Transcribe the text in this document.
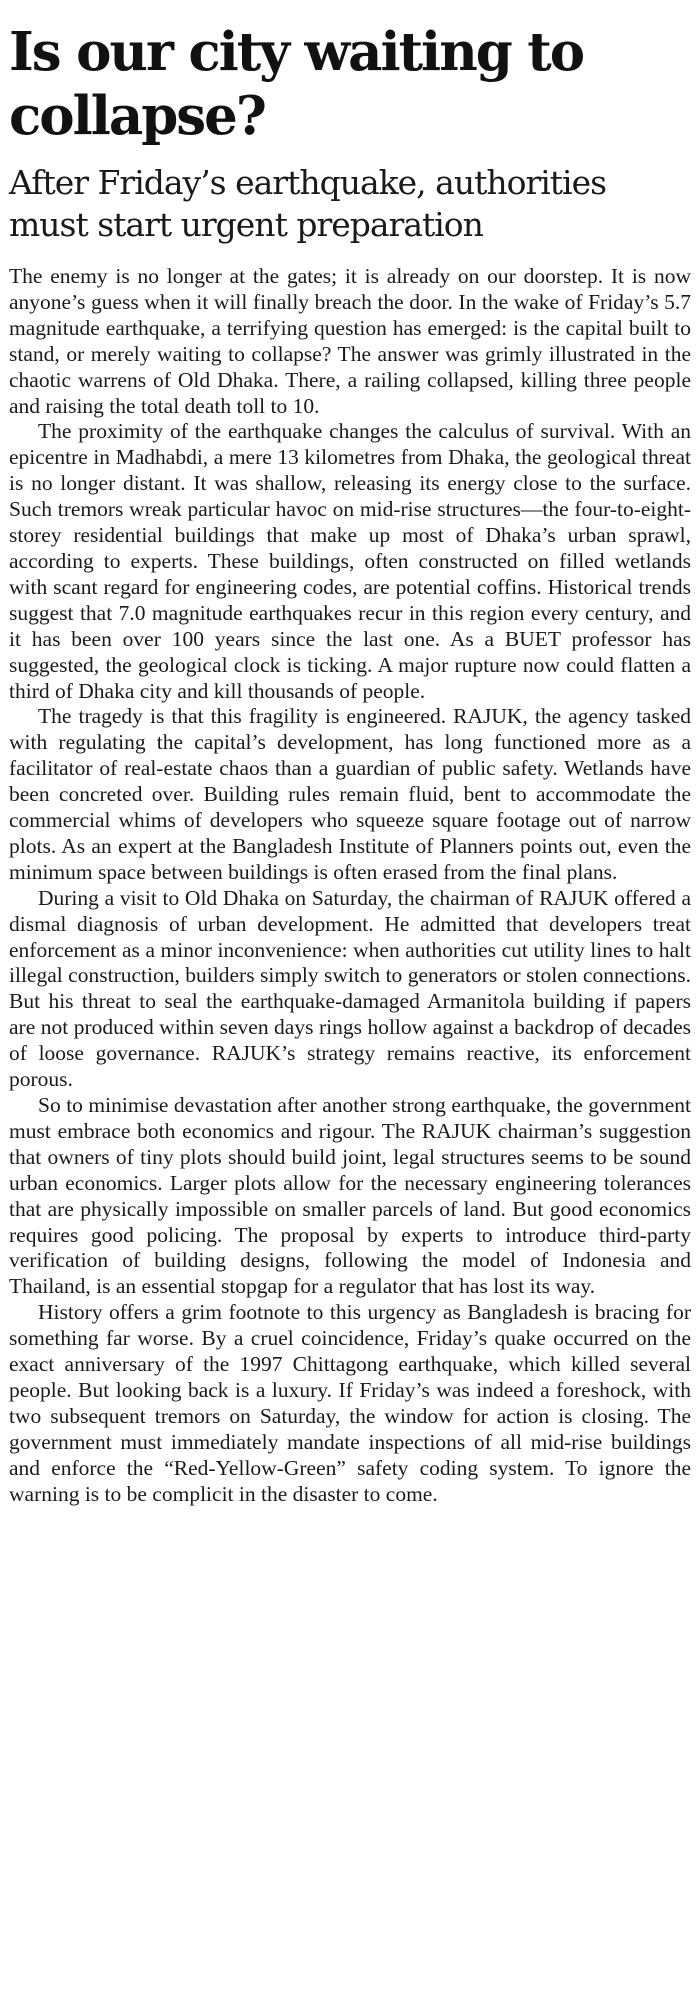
Is our city waiting to collapse?
After Friday’s earthquake, authorities must start urgent preparation

The enemy is no longer at the gates; it is already on our doorstep. It is now anyone’s guess when it will finally breach the door. In the wake of Friday’s 5.7 magnitude earthquake, a terrifying question has emerged: is the capital built to stand, or merely waiting to collapse? The answer was grimly illustrated in the chaotic warrens of Old Dhaka. There, a railing collapsed, killing three people and raising the total death toll to 10.

The proximity of the earthquake changes the calculus of survival. With an epicentre in Madhabdi, a mere 13 kilometres from Dhaka, the geological threat is no longer distant. It was shallow, releasing its energy close to the surface. Such tremors wreak particular havoc on mid-rise structures—the four-to-eight-storey residential buildings that make up most of Dhaka’s urban sprawl, according to experts. These buildings, often constructed on filled wetlands with scant regard for engineering codes, are potential coffins. Historical trends suggest that 7.0 magnitude earthquakes recur in this region every century, and it has been over 100 years since the last one. As a BUET professor has suggested, the geological clock is ticking. A major rupture now could flatten a third of Dhaka city and kill thousands of people.

The tragedy is that this fragility is engineered. RAJUK, the agency tasked with regulating the capital’s development, has long functioned more as a facilitator of real-estate chaos than a guardian of public safety. Wetlands have been concreted over. Building rules remain fluid, bent to accommodate the commercial whims of developers who squeeze square footage out of narrow plots. As an expert at the Bangladesh Institute of Planners points out, even the minimum space between buildings is often erased from the final plans.

During a visit to Old Dhaka on Saturday, the chairman of RAJUK offered a dismal diagnosis of urban development. He admitted that developers treat enforcement as a minor inconvenience: when authorities cut utility lines to halt illegal construction, builders simply switch to generators or stolen connections. But his threat to seal the earthquake-damaged Armanitola building if papers are not produced within seven days rings hollow against a backdrop of decades of loose governance. RAJUK’s strategy remains reactive, its enforcement porous.

So to minimise devastation after another strong earthquake, the government must embrace both economics and rigour. The RAJUK chairman’s suggestion that owners of tiny plots should build joint, legal structures seems to be sound urban economics. Larger plots allow for the necessary engineering tolerances that are physically impossible on smaller parcels of land. But good economics requires good policing. The proposal by experts to introduce third-party verification of building designs, following the model of Indonesia and Thailand, is an essential stopgap for a regulator that has lost its way.

History offers a grim footnote to this urgency as Bangladesh is bracing for something far worse. By a cruel coincidence, Friday’s quake occurred on the exact anniversary of the 1997 Chittagong earthquake, which killed several people. But looking back is a luxury. If Friday’s was indeed a foreshock, with two subsequent tremors on Saturday, the window for action is closing. The government must immediately mandate inspections of all mid-rise buildings and enforce the “Red-Yellow-Green” safety coding system. To ignore the warning is to be complicit in the disaster to come.
